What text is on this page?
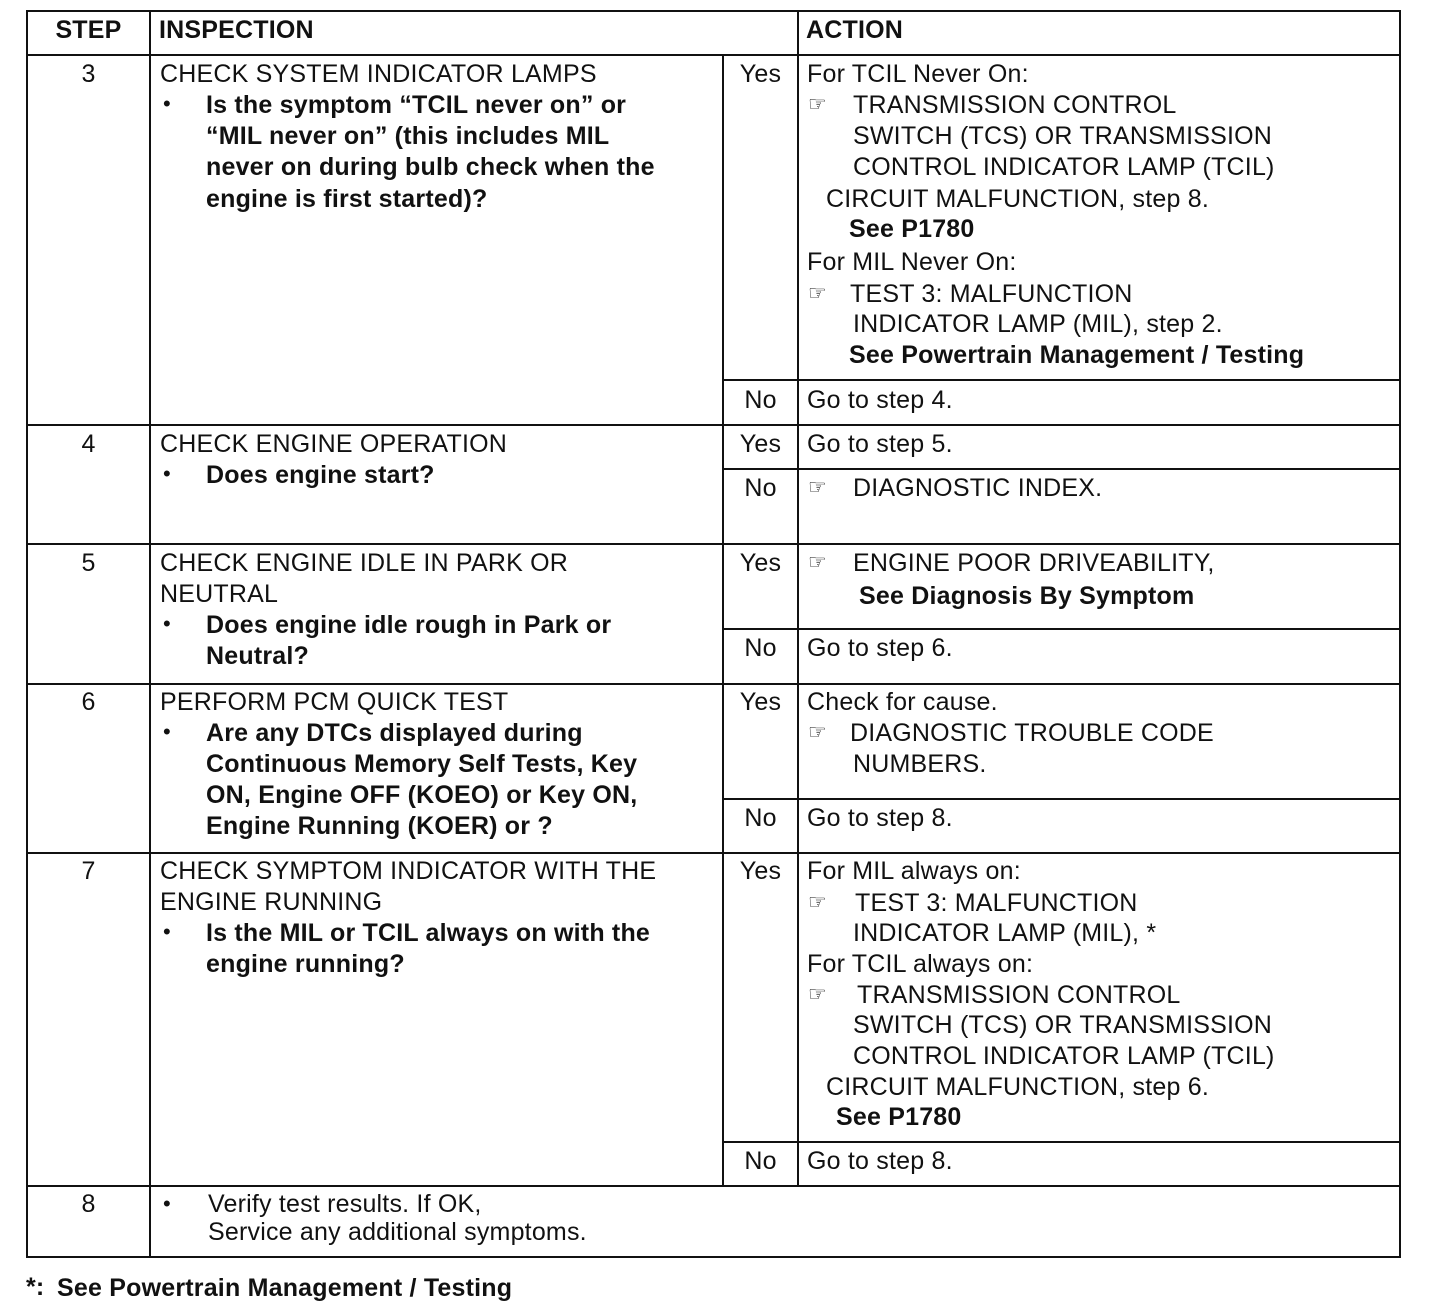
STEP	INSPECTION	ACTION
3	CHECK SYSTEM INDICATOR LAMPS
• Is the symptom “TCIL never on” or
“MIL never on” (this includes MIL
never on during bulb check when the
engine is first started)?
Yes	For TCIL Never On:
☞ TRANSMISSION CONTROL
SWITCH (TCS) OR TRANSMISSION
CONTROL INDICATOR LAMP (TCIL)
CIRCUIT MALFUNCTION, step 8.
See P1780
For MIL Never On:
☞ TEST 3: MALFUNCTION
INDICATOR LAMP (MIL), step 2.
See Powertrain Management / Testing
No	Go to step 4.
4	CHECK ENGINE OPERATION
• Does engine start?
Yes	Go to step 5.
No	☞ DIAGNOSTIC INDEX.
5	CHECK ENGINE IDLE IN PARK OR
NEUTRAL
• Does engine idle rough in Park or
Neutral?
Yes	☞ ENGINE POOR DRIVEABILITY,
See Diagnosis By Symptom
No	Go to step 6.
6	PERFORM PCM QUICK TEST
• Are any DTCs displayed during
Continuous Memory Self Tests, Key
ON, Engine OFF (KOEO) or Key ON,
Engine Running (KOER) or ?
Yes	Check for cause.
☞ DIAGNOSTIC TROUBLE CODE
NUMBERS.
No	Go to step 8.
7	CHECK SYMPTOM INDICATOR WITH THE
ENGINE RUNNING
• Is the MIL or TCIL always on with the
engine running?
Yes	For MIL always on:
☞ TEST 3: MALFUNCTION
INDICATOR LAMP (MIL), *
For TCIL always on:
☞ TRANSMISSION CONTROL
SWITCH (TCS) OR TRANSMISSION
CONTROL INDICATOR LAMP (TCIL)
CIRCUIT MALFUNCTION, step 6.
See P1780
No	Go to step 8.
8	• Verify test results. If OK,
Service any additional symptoms.
*: See Powertrain Management / Testing
